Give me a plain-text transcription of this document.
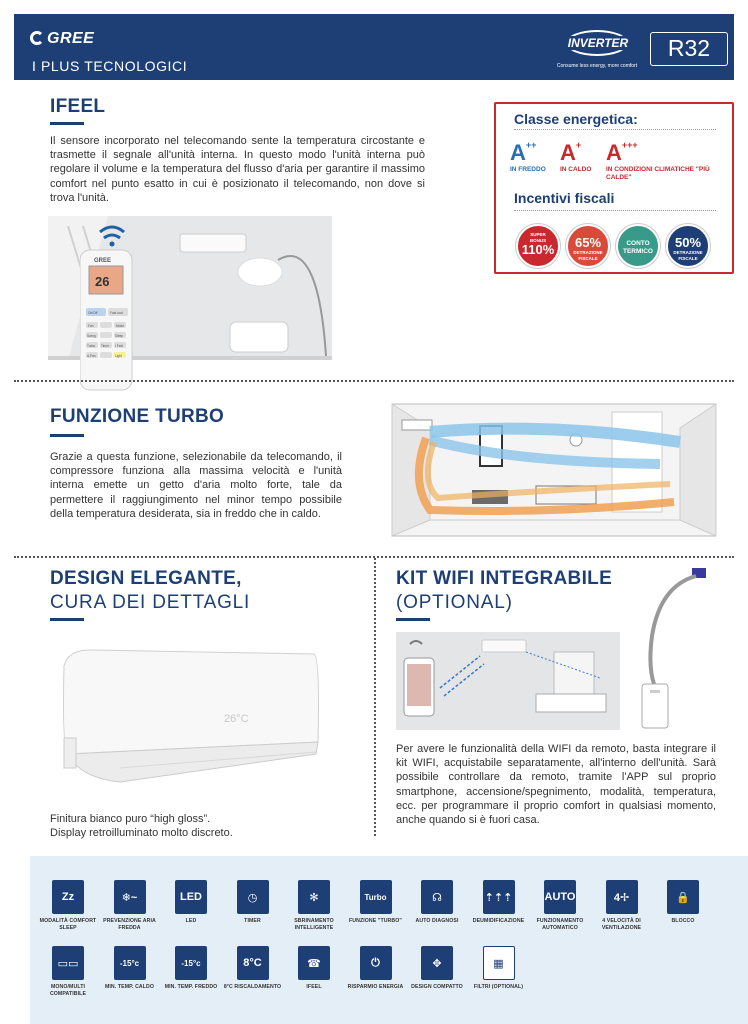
GREE
I PLUS TECNOLOGICI
INVERTER
Consume less energy, more comfort
R32
IFEEL
Il sensore incorporato nel telecomando sente la temperatura circostante e trasmette il segnale all'unità interna. In questo modo l'unità interna può regolare il volume e la temperatura del flusso d'aria per garantire il massimo comfort nel punto esatto in cui è posizionato il telecomando, non dove si trova l'unità.
GREE
26
On/Off	Fast cool
Fan	Mode
Swing	Sleep
Turbo Timer I Feel
A.Fan	Light
Classe energetica:
A++
IN FREDDO
A+
IN CALDO
A+++
IN CONDIZIONI CLIMATICHE "PIÙ CALDE"
Incentivi fiscali
SUPER
BONUS
110%	65%
DETRAZIONE FISCALE
CONTO
TERMICO
50%
DETRAZIONE FISCALE
FUNZIONE TURBO
Grazie a questa funzione, selezionabile da telecomando, il compressore funziona alla massima velocità e l'unità interna emette un getto d'aria molto forte, tale da permettere il raggiungimento nel minor tempo possibile della temperatura desiderata, sia in freddo che in caldo.
DESIGN ELEGANTE,
CURA DEI DETTAGLI
26°C
Finitura bianco puro “high gloss”.
Display retroilluminato molto discreto.
KIT WIFI INTEGRABILE
(OPTIONAL)
Per avere le funzionalità della WIFI da remoto, basta integrare il kit WIFI, acquistabile separatamente, all'interno dell'unità. Sarà possibile controllare da remoto, tramite l'APP sul proprio smartphone, accensione/spegnimento, modalità, temperatura, ecc. per programmare il proprio comfort in qualsiasi momento, anche quando si è fuori casa.
Zz
MODALITÀ COMFORT SLEEP
❄~
PREVENZIONE ARIA FREDDA
LED
LED
◷
TIMER
✻
SBRINAMENTO INTELLIGENTE
Turbo
FUNZIONE "TURBO"
☊
AUTO DIAGNOSI
⇡⇡⇡
DEUMIDIFICAZIONE
AUTO
FUNZIONAMENTO AUTOMATICO
4✢
4 VELOCITÀ DI VENTILAZIONE
🔒
BLOCCO
▭▭
MONO/MULTI COMPATIBILE
-15°c
MIN. TEMP. CALDO
-15°c
MIN. TEMP. FREDDO
8°C
8°C RISCALDAMENTO
☎
IFEEL
⏻
RISPARMIO ENERGIA
✥
DESIGN COMPATTO
▦
FILTRI (OPTIONAL)
